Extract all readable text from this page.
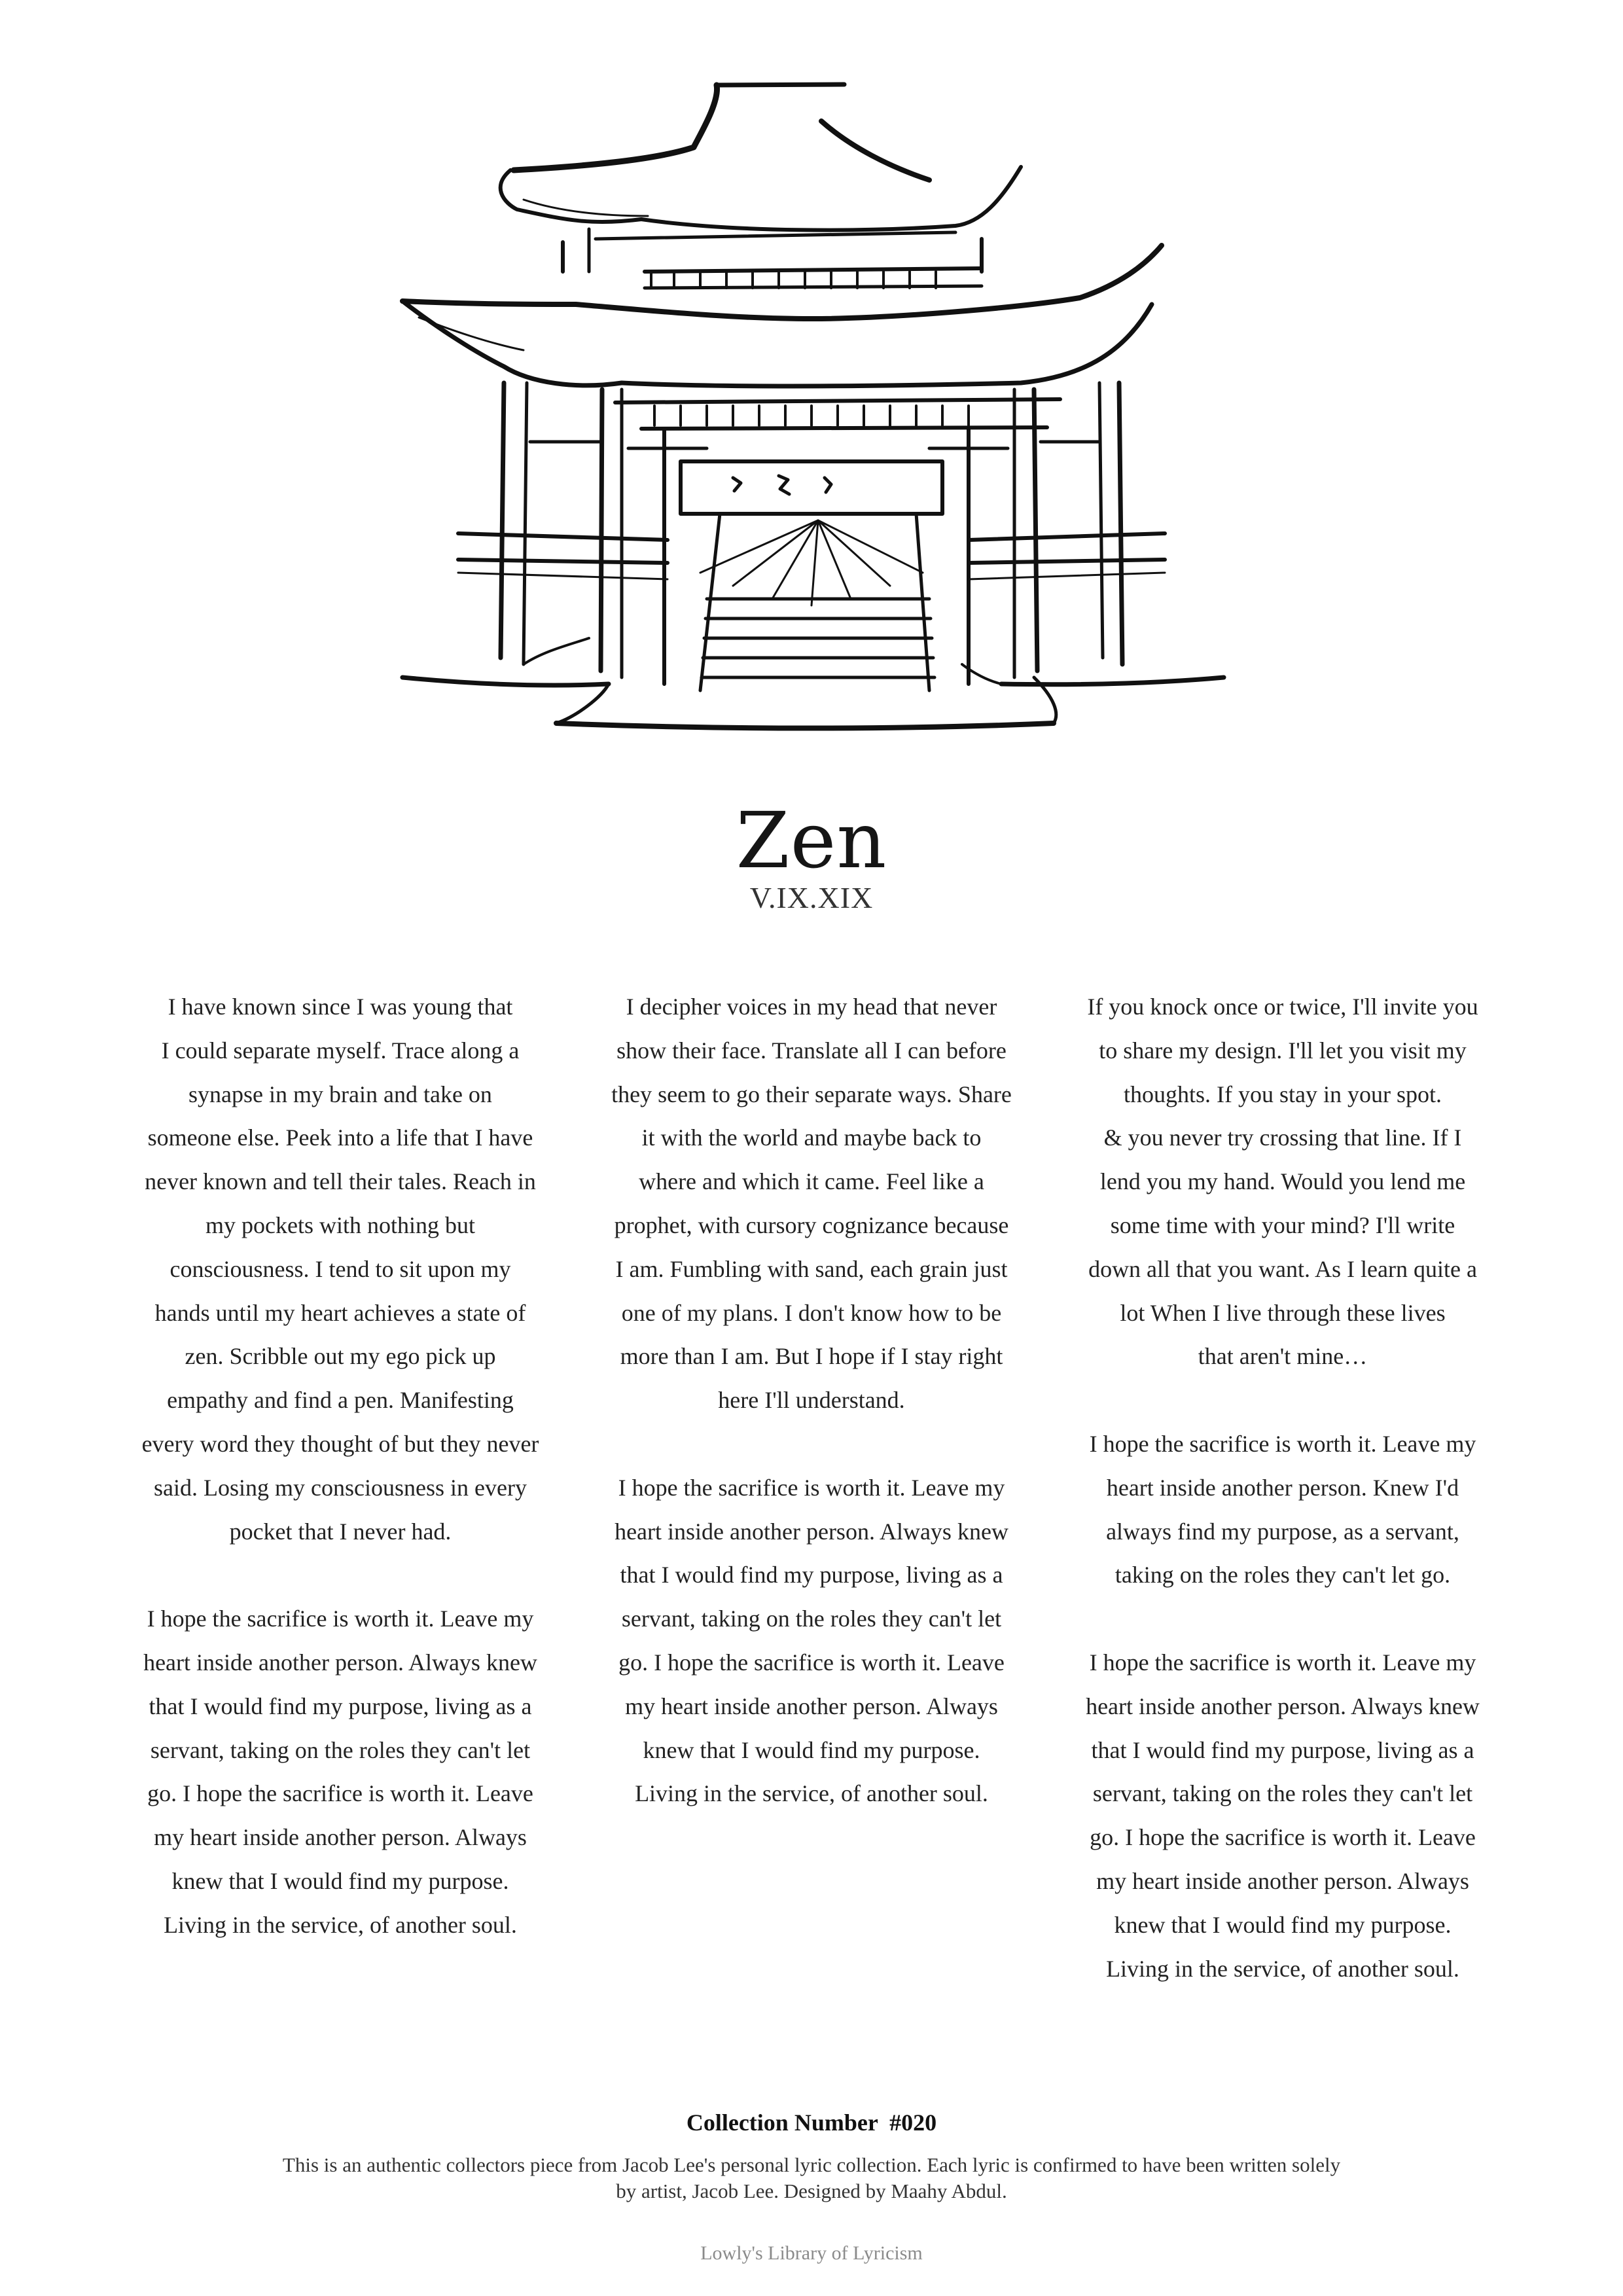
Zen
V.IX.XIX

I have known since I was young that

I could separate myself. Trace along a

synapse in my brain and take on

someone else. Peek into a life that I have

never known and tell their tales. Reach in

my pockets with nothing but

consciousness. I tend to sit upon my

hands until my heart achieves a state of

zen. Scribble out my ego pick up

empathy and find a pen. Manifesting

every word they thought of but they never

said. Losing my consciousness in every

pocket that I never had.

I hope the sacrifice is worth it. Leave my

heart inside another person. Always knew

that I would find my purpose, living as a

servant, taking on the roles they can't let

go. I hope the sacrifice is worth it. Leave

my heart inside another person. Always

knew that I would find my purpose.

Living in the service, of another soul.

I decipher voices in my head that never

show their face. Translate all I can before

they seem to go their separate ways. Share

it with the world and maybe back to

where and which it came. Feel like a

prophet, with cursory cognizance because

I am. Fumbling with sand, each grain just

one of my plans. I don't know how to be

more than I am. But I hope if I stay right

here I'll understand.

I hope the sacrifice is worth it. Leave my

heart inside another person. Always knew

that I would find my purpose, living as a

servant, taking on the roles they can't let

go. I hope the sacrifice is worth it. Leave

my heart inside another person. Always

knew that I would find my purpose.

Living in the service, of another soul.

If you knock once or twice, I'll invite you

to share my design. I'll let you visit my

thoughts. If you stay in your spot.

& you never try crossing that line. If I

lend you my hand. Would you lend me

some time with your mind? I'll write

down all that you want. As I learn quite a

lot When I live through these lives

that aren't mine…

I hope the sacrifice is worth it. Leave my

heart inside another person. Knew I'd

always find my purpose, as a servant,

taking on the roles they can't let go.

I hope the sacrifice is worth it. Leave my

heart inside another person. Always knew

that I would find my purpose, living as a

servant, taking on the roles they can't let

go. I hope the sacrifice is worth it. Leave

my heart inside another person. Always

knew that I would find my purpose.

Living in the service, of another soul.

Collection Number  #020
This is an authentic collectors piece from Jacob Lee's personal lyric collection. Each lyric is confirmed to have been written solely
by artist, Jacob Lee. Designed by Maahy Abdul.
Lowly's Library of Lyricism
